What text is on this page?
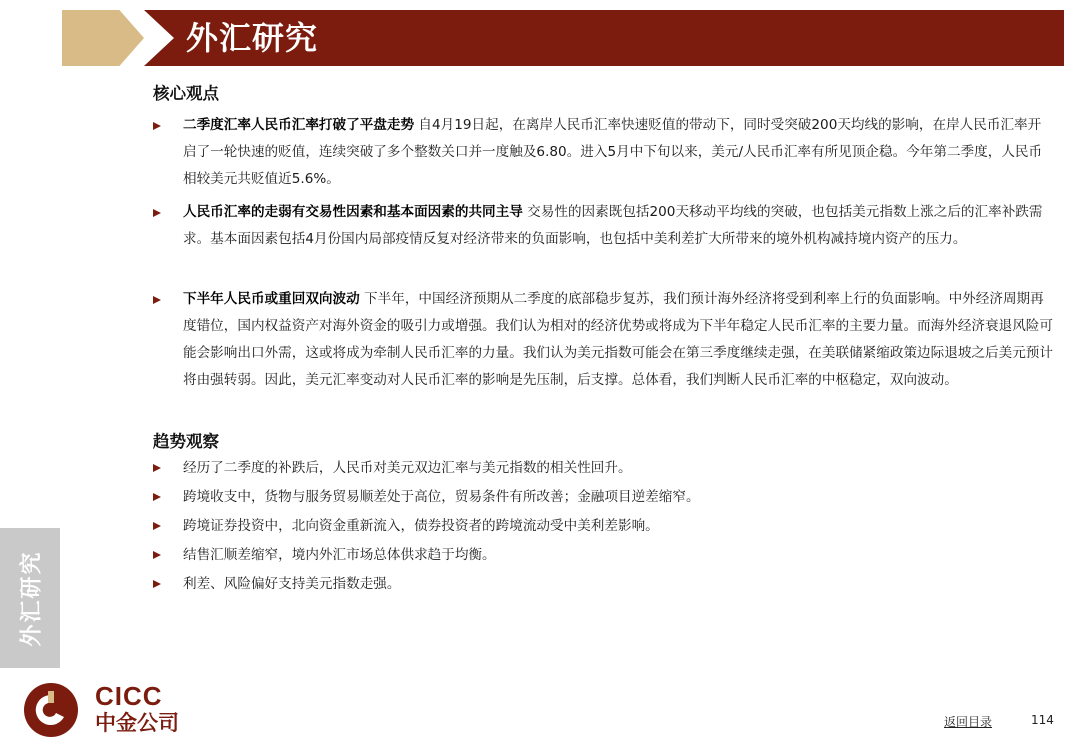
外汇研究
核心观点
二季度汇率人民币汇率打破了平盘走势 自4月19日起，在离岸人民币汇率快速贬值的带动下，同时受突破200天均线的影响，在岸人民币汇率开启了一轮快速的贬值，连续突破了多个整数关口并一度触及6.80。进入5月中下旬以来，美元/人民币汇率有所见顶企稳。今年第二季度，人民币相较美元共贬值近5.6%。
人民币汇率的走弱有交易性因素和基本面因素的共同主导 交易性的因素既包括200天移动平均线的突破，也包括美元指数上涨之后的汇率补跌需求。基本面因素包括4月份国内局部疫情反复对经济带来的负面影响，也包括中美利差扩大所带来的境外机构减持境内资产的压力。
下半年人民币或重回双向波动 下半年，中国经济预期从二季度的底部稳步复苏，我们预计海外经济将受到利率上行的负面影响。中外经济周期再度错位，国内权益资产对海外资金的吸引力或增强。我们认为相对的经济优势或将成为下半年稳定人民币汇率的主要力量。而海外经济衰退风险可能会影响出口外需，这或将成为牵制人民币汇率的力量。我们认为美元指数可能会在第三季度继续走强，在美联储紧缩政策边际退坡之后美元预计将由强转弱。因此，美元汇率变动对人民币汇率的影响是先压制，后支撑。总体看，我们判断人民币汇率的中枢稳定，双向波动。
趋势观察
经历了二季度的补跌后，人民币对美元双边汇率与美元指数的相关性回升。
跨境收支中，货物与服务贸易顺差处于高位，贸易条件有所改善；金融项目逆差缩窄。
跨境证券投资中，北向资金重新流入，债券投资者的跨境流动受中美利差影响。
结售汇顺差缩窄，境内外汇市场总体供求趋于均衡。
利差、风险偏好支持美元指数走强。
外汇研究
CICC
中金公司	返回目录	114
